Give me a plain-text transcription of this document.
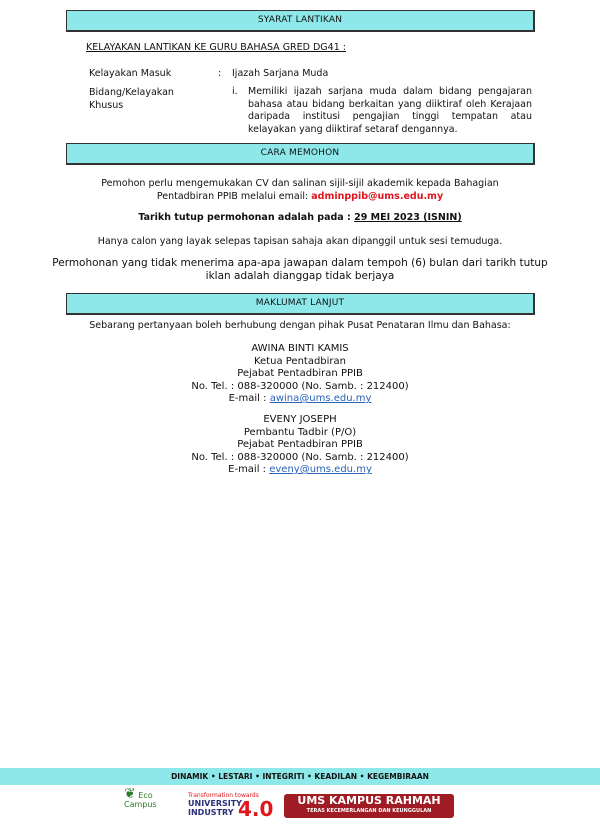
SYARAT LANTIKAN
KELAYAKAN LANTIKAN KE GURU BAHASA GRED DG41 :
Kelayakan Masuk	: Ijazah Sarjana Muda
Bidang/Kelayakan Khusus
i. Memiliki ijazah sarjana muda dalam bidang pengajaran bahasa atau bidang berkaitan yang diiktiraf oleh Kerajaan daripada institusi pengajian tinggi tempatan atau kelayakan yang diiktiraf setaraf dengannya.
CARA MEMOHON
Pemohon perlu mengemukakan CV dan salinan sijil-sijil akademik kepada Bahagian
Pentadbiran PPIB melalui email: adminppib@ums.edu.my
Tarikh tutup permohonan adalah pada : 29 MEI 2023 (ISNIN)
Hanya calon yang layak selepas tapisan sahaja akan dipanggil untuk sesi temuduga.
Permohonan yang tidak menerima apa-apa jawapan dalam tempoh (6) bulan dari tarikh tutup iklan adalah dianggap tidak berjaya
MAKLUMAT LANJUT
Sebarang pertanyaan boleh berhubung dengan pihak Pusat Penataran Ilmu dan Bahasa:
AWINA BINTI KAMIS
Ketua Pentadbiran
Pejabat Pentadbiran PPIB
No. Tel. : 088-320000 (No. Samb. : 212400)
E-mail : awina@ums.edu.my
EVENY JOSEPH
Pembantu Tadbir (P/O)
Pejabat Pentadbiran PPIB
No. Tel. : 088-320000 (No. Samb. : 212400)
E-mail : eveny@ums.edu.my
DINAMIK • LESTARI • INTEGRITI • KEADILAN • KEGEMBIRAAN
❦ Eco Campus
Transformation towards
UNIVERSITY
INDUSTRY 4.0	UMS KAMPUS RAHMAH
TERAS KECEMERLANGAN DAN KEUNGGULAN
